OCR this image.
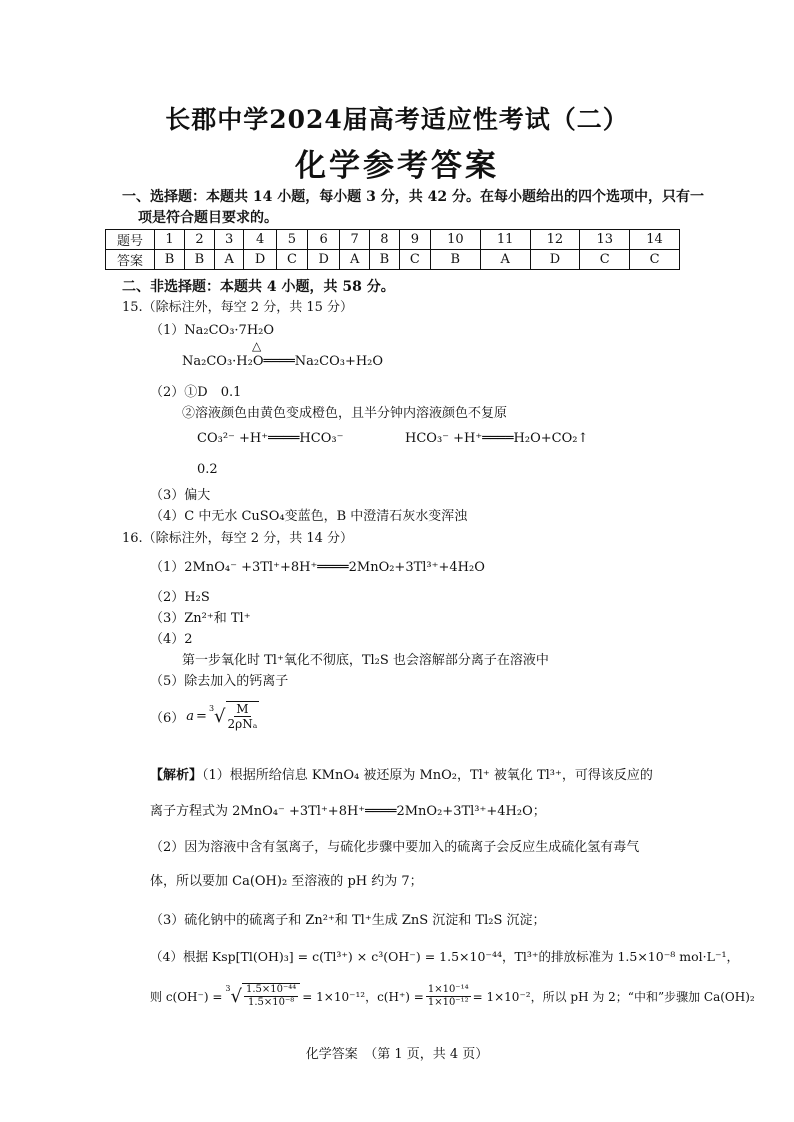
长郡中学2024届高考适应性考试（二）
化学参考答案
一、选择题：本题共 14 小题，每小题 3 分，共 42 分。在每小题给出的四个选项中，只有一
项是符合题目要求的。
题号	1	2	3	4	5	6	7	8	9	10	11	12	13	14
答案	B	B	A	D	C	D	A	B	C	B	A	D	C	C
二、非选择题：本题共 4 小题，共 58 分。
15.（除标注外，每空 2 分，共 15 分）
（1）Na₂CO₃·7H₂O
△
Na₂CO₃·H₂O════Na₂CO₃+H₂O
（2）①D　0.1
②溶液颜色由黄色变成橙色，且半分钟内溶液颜色不复原
CO₃²⁻ +H⁺════HCO₃⁻	HCO₃⁻ +H⁺════H₂O+CO₂↑
0.2
（3）偏大
（4）C 中无水 CuSO₄变蓝色，B 中澄清石灰水变浑浊
16.（除标注外，每空 2 分，共 14 分）
（1）2MnO₄⁻ +3Tl⁺+8H⁺════2MnO₂+3Tl³⁺+4H₂O
（2）H₂S
（3）Zn²⁺和 Tl⁺
（4）2
第一步氧化时 Tl⁺氧化不彻底，Tl₂S 也会溶解部分离子在溶液中
（5）除去加入的钙离子
（6） a =
3 √ $\frac{M}{\text{2ρNₐ}}$
【解析】（1）根据所给信息 KMnO₄ 被还原为 MnO₂，Tl⁺ 被氧化 Tl³⁺，可得该反应的
离子方程式为 2MnO₄⁻ +3Tl⁺+8H⁺════2MnO₂+3Tl³⁺+4H₂O；
（2）因为溶液中含有氢离子，与硫化步骤中要加入的硫离子会反应生成硫化氢有毒气
体，所以要加 Ca(OH)₂ 至溶液的 pH 约为 7；
（3）硫化钠中的硫离子和 Zn²⁺和 Tl⁺生成 ZnS 沉淀和 Tl₂S 沉淀；
（4）根据 Ksp[Tl(OH)₃] = c(Tl³⁺) × c³(OH⁻) = 1.5×10⁻⁴⁴，Tl³⁺的排放标准为 1.5×10⁻⁸ mol·L⁻¹，
则 c(OH⁻) =
3 √ $\frac{\text{1.5×10⁻⁴⁴}}{\text{1.5×10⁻⁸}} = 1\times 10^{-12}$，$c(H^+) = \frac{\text{1×10⁻¹⁴}}{\text{1×10⁻¹²}} = 1\times 10^{-2}$，所以 pH 为 2；“中和”步骤加 Ca(OH)₂
化学答案　（第 1 页，共 4 页）
